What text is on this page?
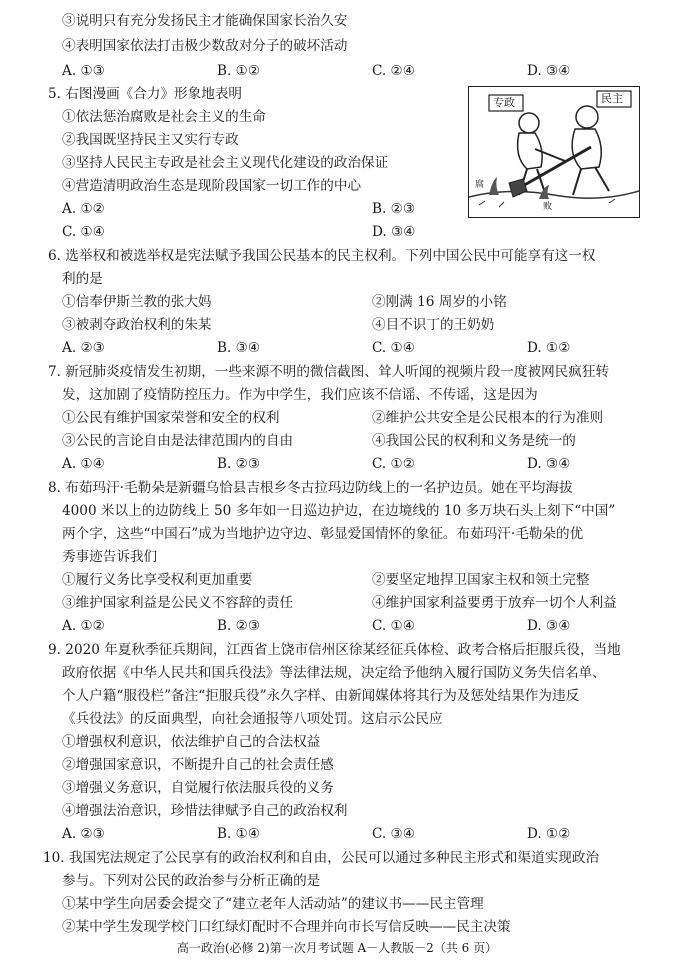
③说明只有充分发扬民主才能确保国家长治久安
④表明国家依法打击极少数敌对分子的破坏活动
5. 右图漫画《合力》形象地表明
①依法惩治腐败是社会主义的生命
②我国既坚持民主又实行专政
③坚持人民民主专政是社会主义现代化建设的政治保证
④营造清明政治生态是现阶段国家一切工作的中心
6. 选举权和被选举权是宪法赋予我国公民基本的民主权利。下列中国公民中可能享有这一权
利的是
7. 新冠肺炎疫情发生初期，一些来源不明的微信截图、耸人听闻的视频片段一度被网民疯狂转
发，这加剧了疫情防控压力。作为中学生，我们应该不信谣、不传谣，这是因为
8. 布茹玛汗·毛勒朵是新疆乌恰县吉根乡冬古拉玛边防线上的一名护边员。她在平均海拔
4000 米以上的边防线上 50 多年如一日巡边护边，在边境线的 10 多万块石头上刻下“中国”
两个字，这些“中国石”成为当地护边守边、彰显爱国情怀的象征。布茹玛汗·毛勒朵的优
秀事迹告诉我们
9. 2020 年夏秋季征兵期间，江西省上饶市信州区徐某经征兵体检、政考合格后拒服兵役，当地
政府依据《中华人民共和国兵役法》等法律法规，决定给予他纳入履行国防义务失信名单、
个人户籍“服役栏”备注“拒服兵役”永久字样、由新闻媒体将其行为及惩处结果作为违反
《兵役法》的反面典型，向社会通报等八项处罚。这启示公民应
①增强权利意识，依法维护自己的合法权益
②增强国家意识，不断提升自己的社会责任感
③增强义务意识，自觉履行依法服兵役的义务
④增强法治意识，珍惜法律赋予自己的政治权利
10. 我国宪法规定了公民享有的政治权利和自由，公民可以通过多种民主形式和渠道实现政治
参与。下列对公民的政治参与分析正确的是
①某中学生向居委会提交了“建立老年人活动站”的建议书——民主管理
②某中学生发现学校门口红绿灯配时不合理并向市长写信反映——民主决策
①信奉伊斯兰教的张大妈	②刚满 16 周岁的小铭
③被剥夺政治权利的朱某	④目不识丁的王奶奶
①公民有维护国家荣誉和安全的权利	②维护公共安全是公民根本的行为准则
③公民的言论自由是法律范围内的自由	④我国公民的权利和义务是统一的
①履行义务比享受权利更加重要	②要坚定地捍卫国家主权和领土完整
③维护国家利益是公民义不容辞的责任	④维护国家利益要勇于放弃一切个人利益
A. ①③	B. ①②	C. ②④	D. ③④
A. ②③	B. ③④	C. ①④	D. ①②
A. ①④	B. ②③	C. ①②	D. ③④
A. ①②	B. ②③	C. ①④	D. ③④
A. ②③	B. ①④	C. ③④	D. ①②
A. ①②	B. ②③
C. ①④	D. ③④
专政	民主
腐
败
高一政治(必修 2)第一次月考试题 A－人教版－2（共 6 页）
